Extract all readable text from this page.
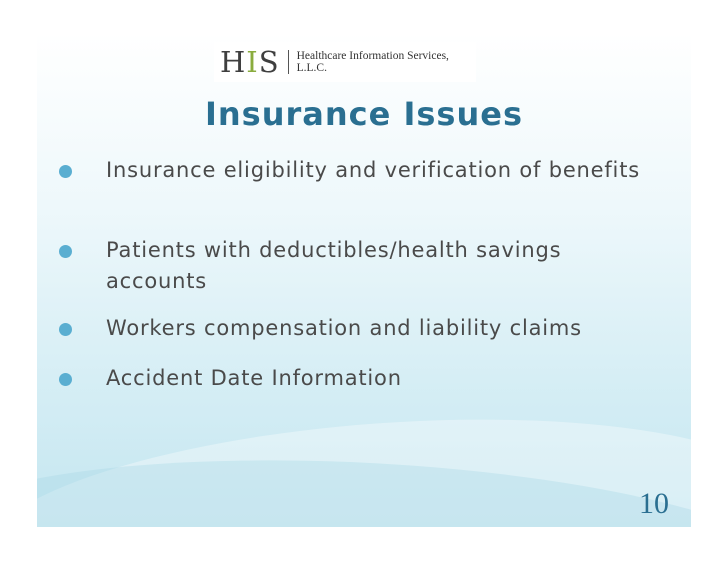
HIS Healthcare Information Services, L.L.C.
Insurance Issues
Insurance eligibility and verification of benefits
Patients with deductibles/health savings accounts
Workers compensation and liability claims
Accident Date Information
10
